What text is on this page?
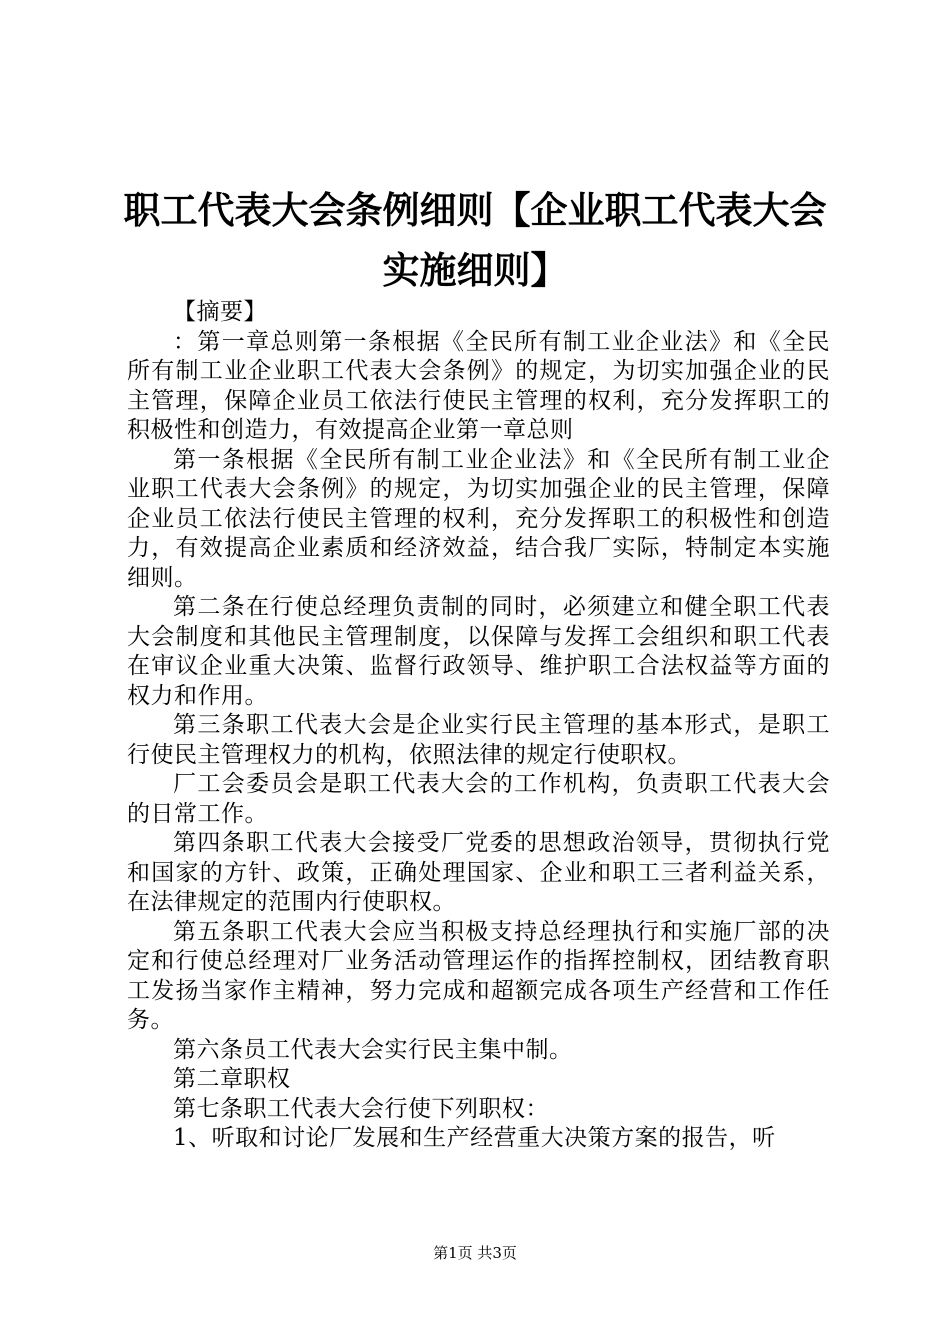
职工代表大会条例细则【企业职工代表大会实施细则】

【摘要】

：第一章总则第一条根据《全民所有制工业企业法》和《全民所有制工业企业职工代表大会条例》的规定，为切实加强企业的民主管理，保障企业员工依法行使民主管理的权利，充分发挥职工的积极性和创造力，有效提高企业第一章总则

第一条根据《全民所有制工业企业法》和《全民所有制工业企业职工代表大会条例》的规定，为切实加强企业的民主管理，保障企业员工依法行使民主管理的权利，充分发挥职工的积极性和创造力，有效提高企业素质和经济效益，结合我厂实际，特制定本实施细则。

第二条在行使总经理负责制的同时，必须建立和健全职工代表大会制度和其他民主管理制度，以保障与发挥工会组织和职工代表在审议企业重大决策、监督行政领导、维护职工合法权益等方面的权力和作用。

第三条职工代表大会是企业实行民主管理的基本形式，是职工行使民主管理权力的机构，依照法律的规定行使职权。

厂工会委员会是职工代表大会的工作机构，负责职工代表大会的日常工作。

第四条职工代表大会接受厂党委的思想政治领导，贯彻执行党和国家的方针、政策，正确处理国家、企业和职工三者利益关系，在法律规定的范围内行使职权。

第五条职工代表大会应当积极支持总经理执行和实施厂部的决定和行使总经理对厂业务活动管理运作的指挥控制权，团结教育职工发扬当家作主精神，努力完成和超额完成各项生产经营和工作任务。

第六条员工代表大会实行民主集中制。

第二章职权

第七条职工代表大会行使下列职权：

1、听取和讨论厂发展和生产经营重大决策方案的报告，听

第1页 共3页
